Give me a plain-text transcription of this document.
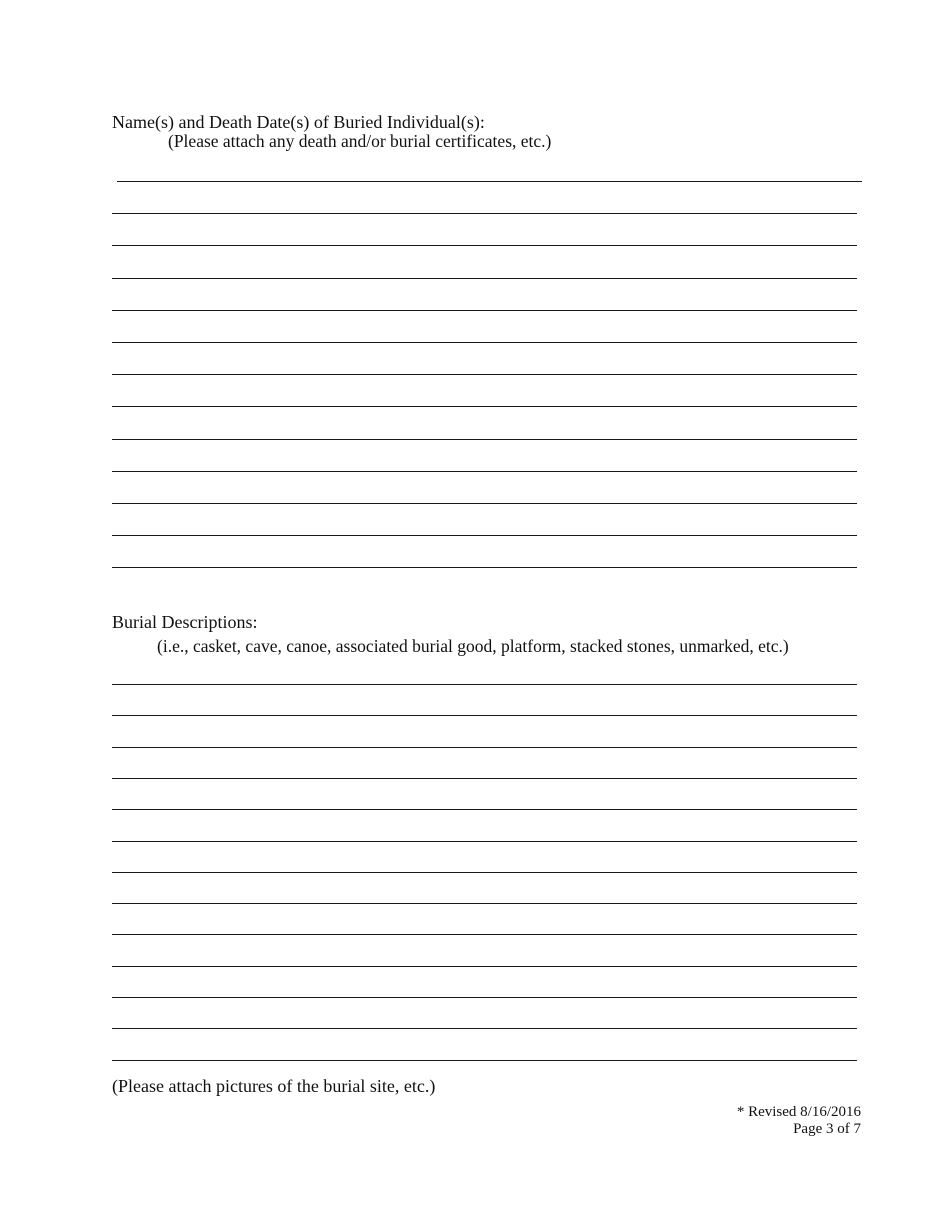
Name(s) and Death Date(s) of Buried Individual(s):
(Please attach any death and/or burial certificates, etc.)
Burial Descriptions:
(i.e., casket, cave, canoe, associated burial good, platform, stacked stones, unmarked, etc.)
(Please attach pictures of the burial site, etc.)
* Revised 8/16/2016
Page 3 of 7
